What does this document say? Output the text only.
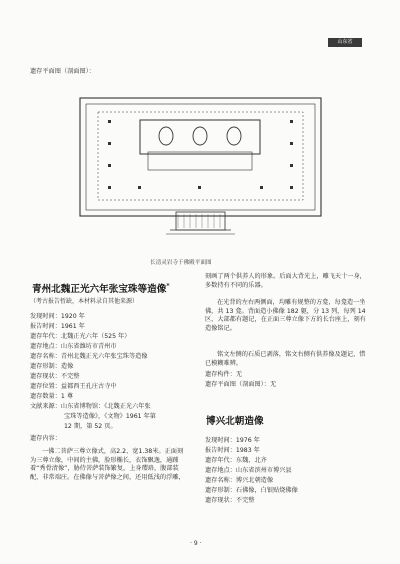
山东省
遗存平面图（剖面图）：
长清灵岩寺千佛殿平面图
青州北魏正光六年张宝珠等造像*
（考古报告暂缺，本材料录自其他来源）
发现时间：1920 年
报告时间：1961 年
遗存年代：北魏正光六年（525 年）
遗存地点：山东省潍坊市青州市
遗存名称：青州北魏正光六年张宝珠等造像
遗存形制：造像
遗存现状：不完整
遗存位置：益都西王孔庄古寺中
遗存数量：1 尊
文献来源：山东省博物馆：《北魏正光六年张
宝珠等造像》，《文物》1961 年第
12 期，第 52 页。
遗存内容：
一佛二菩萨三尊立像式，高2.2、宽1.38米。正面刻为三尊立像，中间的主佛，脸形椭长，衣饰飘逸，通踵着“秀骨清像”，胁侍菩萨装饰繁复，上身璎珞，腹部装配，非常端庄。在佛像与菩萨像之间，还用低浅的浮雕，
刻画了两个供养人的形象。后面大背光上，雕飞天十一身，多数持有不同的乐器。
在光背的左右两侧面，均雕有规整的方龛，每龛造一坐佛，共 13 龛。背面造小佛像 182 躯，分 13 列，每列 14 区，大部都有题记，在正面三尊立像下方的长台座上，刻有造像铭记。
铭文左侧的石质已剥落，铭文右侧有供养像及题记，惜已模糊难辨。
遗存构件：无
遗存平面图（剖面图）：无
博兴北朝造像
发现时间：1976 年
报告时间：1983 年
遗存年代：东魏、北齐
遗存地点：山东省滨州市博兴县
遗存名称：博兴北朝造像
遗存形制：石佛像，白银贴烧佛像
遗存现状：不完整
· 9 ·
